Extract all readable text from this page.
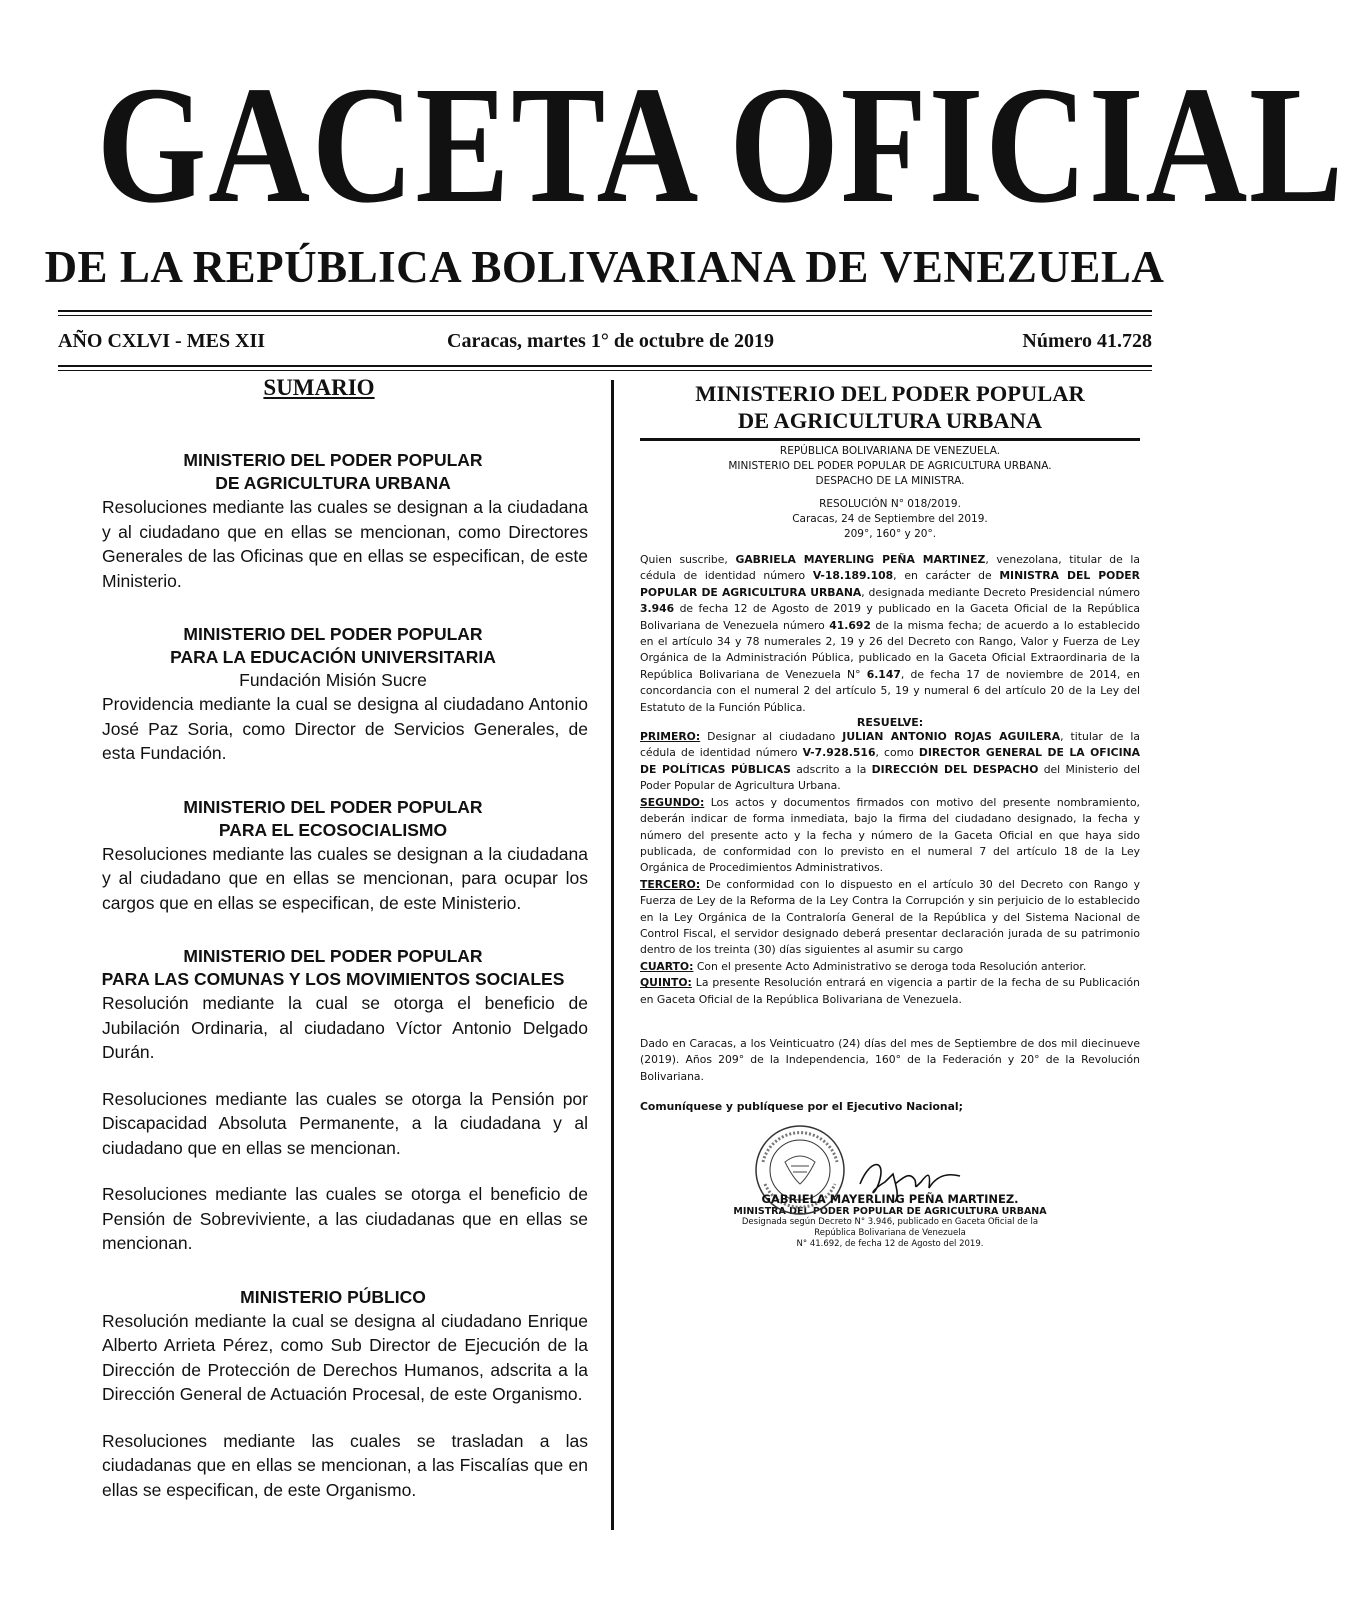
GACETA OFICIAL
DE LA REPÚBLICA BOLIVARIANA DE VENEZUELA
AÑO CXLVI - MES XII	Caracas, martes 1° de octubre de 2019	Número 41.728
SUMARIO
MINISTERIO DEL PODER POPULAR
DE AGRICULTURA URBANA
Resoluciones mediante las cuales se designan a la ciudadana y al ciudadano que en ellas se mencionan, como Directores Generales de las Oficinas que en ellas se especifican, de este Ministerio.
MINISTERIO DEL PODER POPULAR
PARA LA EDUCACIÓN UNIVERSITARIA
Fundación Misión Sucre
Providencia mediante la cual se designa al ciudadano Antonio José Paz Soria, como Director de Servicios Generales, de esta Fundación.
MINISTERIO DEL PODER POPULAR
PARA EL ECOSOCIALISMO
Resoluciones mediante las cuales se designan a la ciudadana y al ciudadano que en ellas se mencionan, para ocupar los cargos que en ellas se especifican, de este Ministerio.
MINISTERIO DEL PODER POPULAR
PARA LAS COMUNAS Y LOS MOVIMIENTOS SOCIALES
Resolución mediante la cual se otorga el beneficio de Jubilación Ordinaria, al ciudadano Víctor Antonio Delgado Durán.
Resoluciones mediante las cuales se otorga la Pensión por Discapacidad Absoluta Permanente, a la ciudadana y al ciudadano que en ellas se mencionan.
Resoluciones mediante las cuales se otorga el beneficio de Pensión de Sobreviviente, a las ciudadanas que en ellas se mencionan.
MINISTERIO PÚBLICO
Resolución mediante la cual se designa al ciudadano Enrique Alberto Arrieta Pérez, como Sub Director de Ejecución de la Dirección de Protección de Derechos Humanos, adscrita a la Dirección General de Actuación Procesal, de este Organismo.
Resoluciones mediante las cuales se trasladan a las ciudadanas que en ellas se mencionan, a las Fiscalías que en ellas se especifican, de este Organismo.
MINISTERIO DEL PODER POPULAR
DE AGRICULTURA URBANA
REPÚBLICA BOLIVARIANA DE VENEZUELA.
MINISTERIO DEL PODER POPULAR DE AGRICULTURA URBANA.
DESPACHO DE LA MINISTRA.
RESOLUCIÓN N° 018/2019.
Caracas, 24 de Septiembre del 2019.
209°, 160° y 20°.
Quien suscribe, GABRIELA MAYERLING PEÑA MARTINEZ, venezolana, titular de la cédula de identidad número V-18.189.108, en carácter de MINISTRA DEL PODER POPULAR DE AGRICULTURA URBANA, designada mediante Decreto Presidencial número 3.946 de fecha 12 de Agosto de 2019 y publicado en la Gaceta Oficial de la República Bolivariana de Venezuela número 41.692 de la misma fecha; de acuerdo a lo establecido en el artículo 34 y 78 numerales 2, 19 y 26 del Decreto con Rango, Valor y Fuerza de Ley Orgánica de la Administración Pública, publicado en la Gaceta Oficial Extraordinaria de la República Bolivariana de Venezuela N° 6.147, de fecha 17 de noviembre de 2014, en concordancia con el numeral 2 del artículo 5, 19 y numeral 6 del artículo 20 de la Ley del Estatuto de la Función Pública.
RESUELVE:
PRIMERO: Designar al ciudadano JULIAN ANTONIO ROJAS AGUILERA, titular de la cédula de identidad número V-7.928.516, como DIRECTOR GENERAL DE LA OFICINA DE POLÍTICAS PÚBLICAS adscrito a la DIRECCIÓN DEL DESPACHO del Ministerio del Poder Popular de Agricultura Urbana.
SEGUNDO: Los actos y documentos firmados con motivo del presente nombramiento, deberán indicar de forma inmediata, bajo la firma del ciudadano designado, la fecha y número del presente acto y la fecha y número de la Gaceta Oficial en que haya sido publicada, de conformidad con lo previsto en el numeral 7 del artículo 18 de la Ley Orgánica de Procedimientos Administrativos.
TERCERO: De conformidad con lo dispuesto en el artículo 30 del Decreto con Rango y Fuerza de Ley de la Reforma de la Ley Contra la Corrupción y sin perjuicio de lo establecido en la Ley Orgánica de la Contraloría General de la República y del Sistema Nacional de Control Fiscal, el servidor designado deberá presentar declaración jurada de su patrimonio dentro de los treinta (30) días siguientes al asumir su cargo
CUARTO: Con el presente Acto Administrativo se deroga toda Resolución anterior.
QUINTO: La presente Resolución entrará en vigencia a partir de la fecha de su Publicación en Gaceta Oficial de la República Bolivariana de Venezuela.
Dado en Caracas, a los Veinticuatro (24) días del mes de Septiembre de dos mil diecinueve (2019). Años 209° de la Independencia, 160° de la Federación y 20° de la Revolución Bolivariana.
Comuníquese y publíquese por el Ejecutivo Nacional;
GABRIELA MAYERLING PEÑA MARTINEZ.
MINISTRA DEL PODER POPULAR DE AGRICULTURA URBANA
Designada según Decreto N° 3.946, publicado en Gaceta Oficial de la
República Bolivariana de Venezuela
N° 41.692, de fecha 12 de Agosto del 2019.
